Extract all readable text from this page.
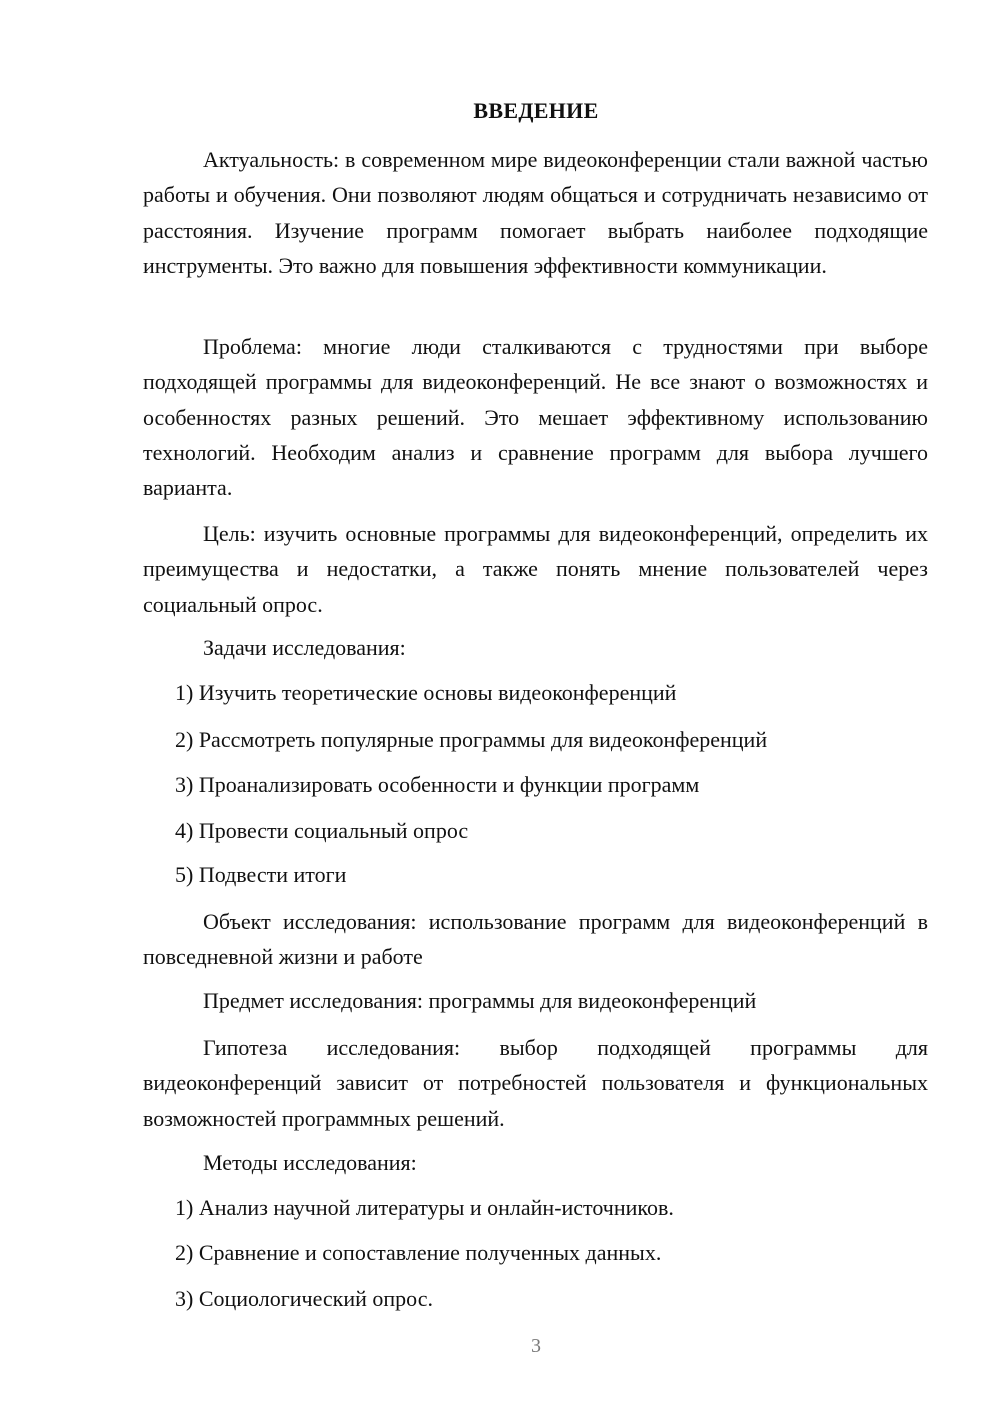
ВВЕДЕНИЕ

Актуальность: в современном мире видеоконференции стали важной частью работы и обучения. Они позволяют людям общаться и сотрудничать независимо от расстояния. Изучение программ помогает выбрать наиболее подходящие инструменты. Это важно для повышения эффективности коммуникации.

Проблема: многие люди сталкиваются с трудностями при выборе подходящей программы для видеоконференций. Не все знают о возможностях и особенностях разных решений. Это мешает эффективному использованию технологий. Необходим анализ и сравнение программ для выбора лучшего варианта.

Цель: изучить основные программы для видеоконференций, определить их преимущества и недостатки, а также понять мнение пользователей через социальный опрос.

Задачи исследования:

1) Изучить теоретические основы видеоконференций

2) Рассмотреть популярные программы для видеоконференций

3) Проанализировать особенности и функции программ

4) Провести социальный опрос

5) Подвести итоги

Объект исследования: использование программ для видеоконференций в повседневной жизни и работе

Предмет исследования: программы для видеоконференций

Гипотеза исследования: выбор подходящей программы для видеоконференций зависит от потребностей пользователя и функциональных возможностей программных решений.

Методы исследования:

1) Анализ научной литературы и онлайн-источников.

2) Сравнение и сопоставление полученных данных.

3) Социологический опрос.

3
